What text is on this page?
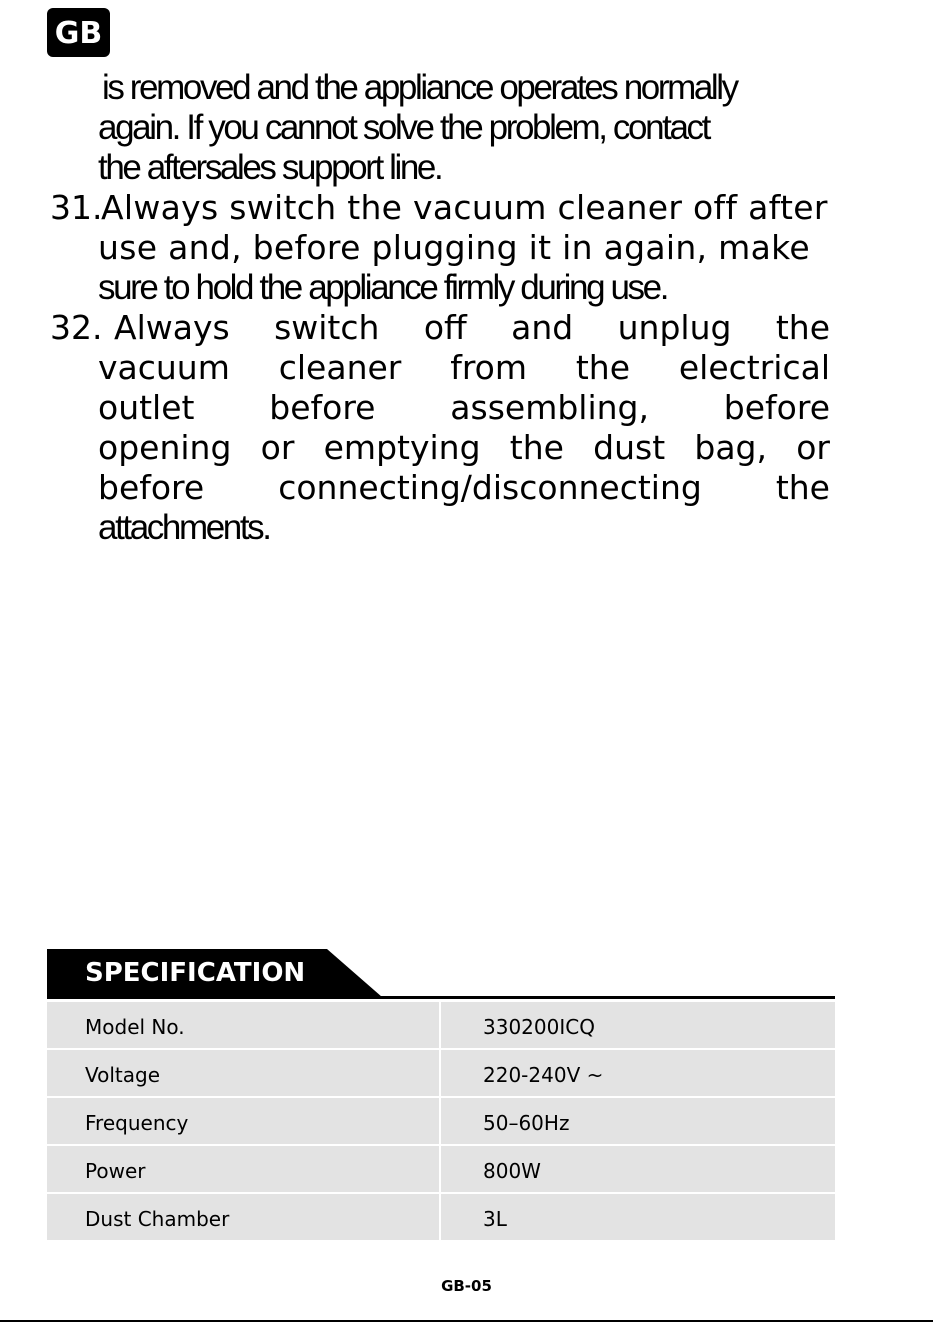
GB
is removed and the appliance operates normally
again. If you cannot solve the problem, contact
the aftersales support line.
31.
Always switch the vacuum cleaner off after
use and, before plugging it in again, make
sure to hold the appliance firmly during use.
32. Always switch off and unplug the
vacuum cleaner from the electrical
outlet before assembling, before
opening or emptying the dust bag, or
before connecting/disconnecting the
attachments.
SPECIFICATION
Model No.	330200ICQ
Voltage	220-240V ~
Frequency	50–60Hz
Power	800W
Dust Chamber	3L
GB-05
